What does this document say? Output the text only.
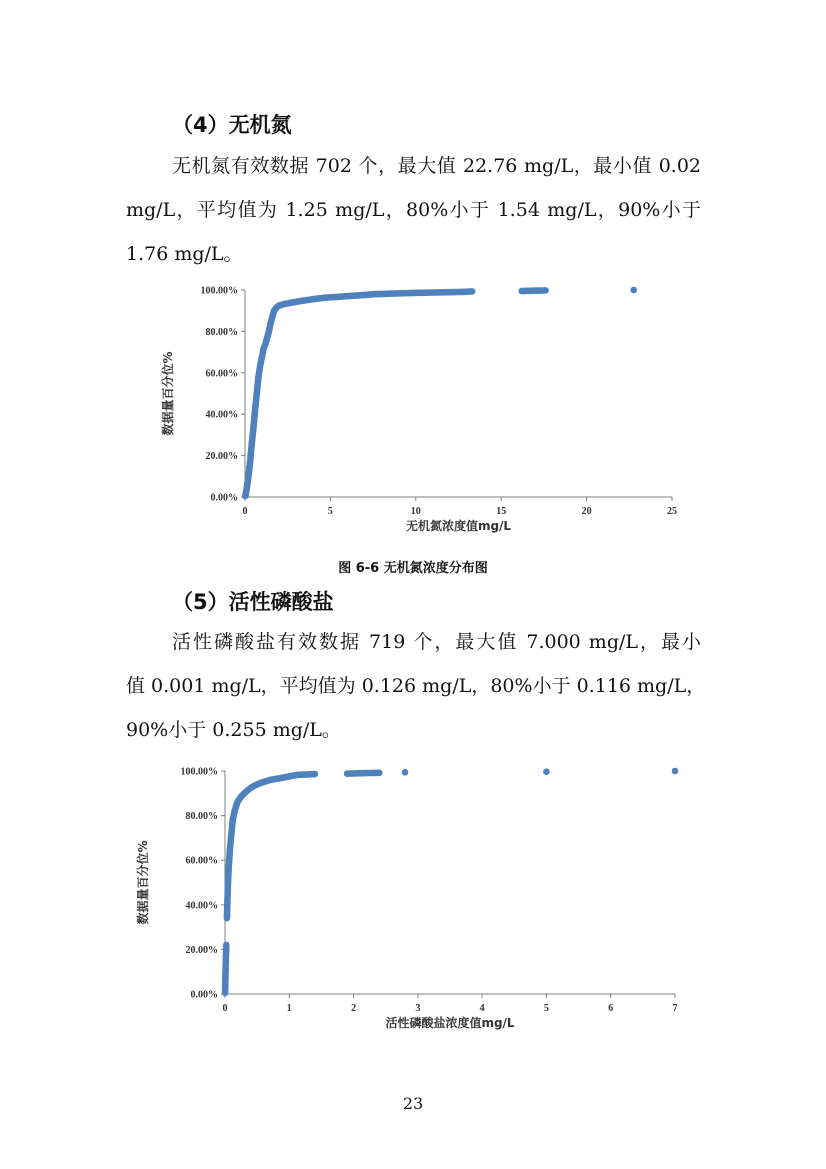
（4）无机氮
无机氮有效数据 702 个，最大值 22.76 mg/L，最小值 0.02
mg/L，平均值为 1.25 mg/L，80%小于 1.54 mg/L，90%小于
1.76 mg/L。
0.00%
20.00%
40.00%
60.00%
80.00%
100.00%
0	5	10	15	20	25
无机氮浓度值mg/L
数据量百分位%
图 6-6 无机氮浓度分布图
（5）活性磷酸盐
活性磷酸盐有效数据 719 个，最大值 7.000 mg/L，最小
值 0.001 mg/L，平均值为 0.126 mg/L，80%小于 0.116 mg/L，
90%小于 0.255 mg/L。
0.00%
20.00%
40.00%
60.00%
80.00%
100.00%
0	1	2	3	4	5	6	7
活性磷酸盐浓度值mg/L
数据量百分位%
23
